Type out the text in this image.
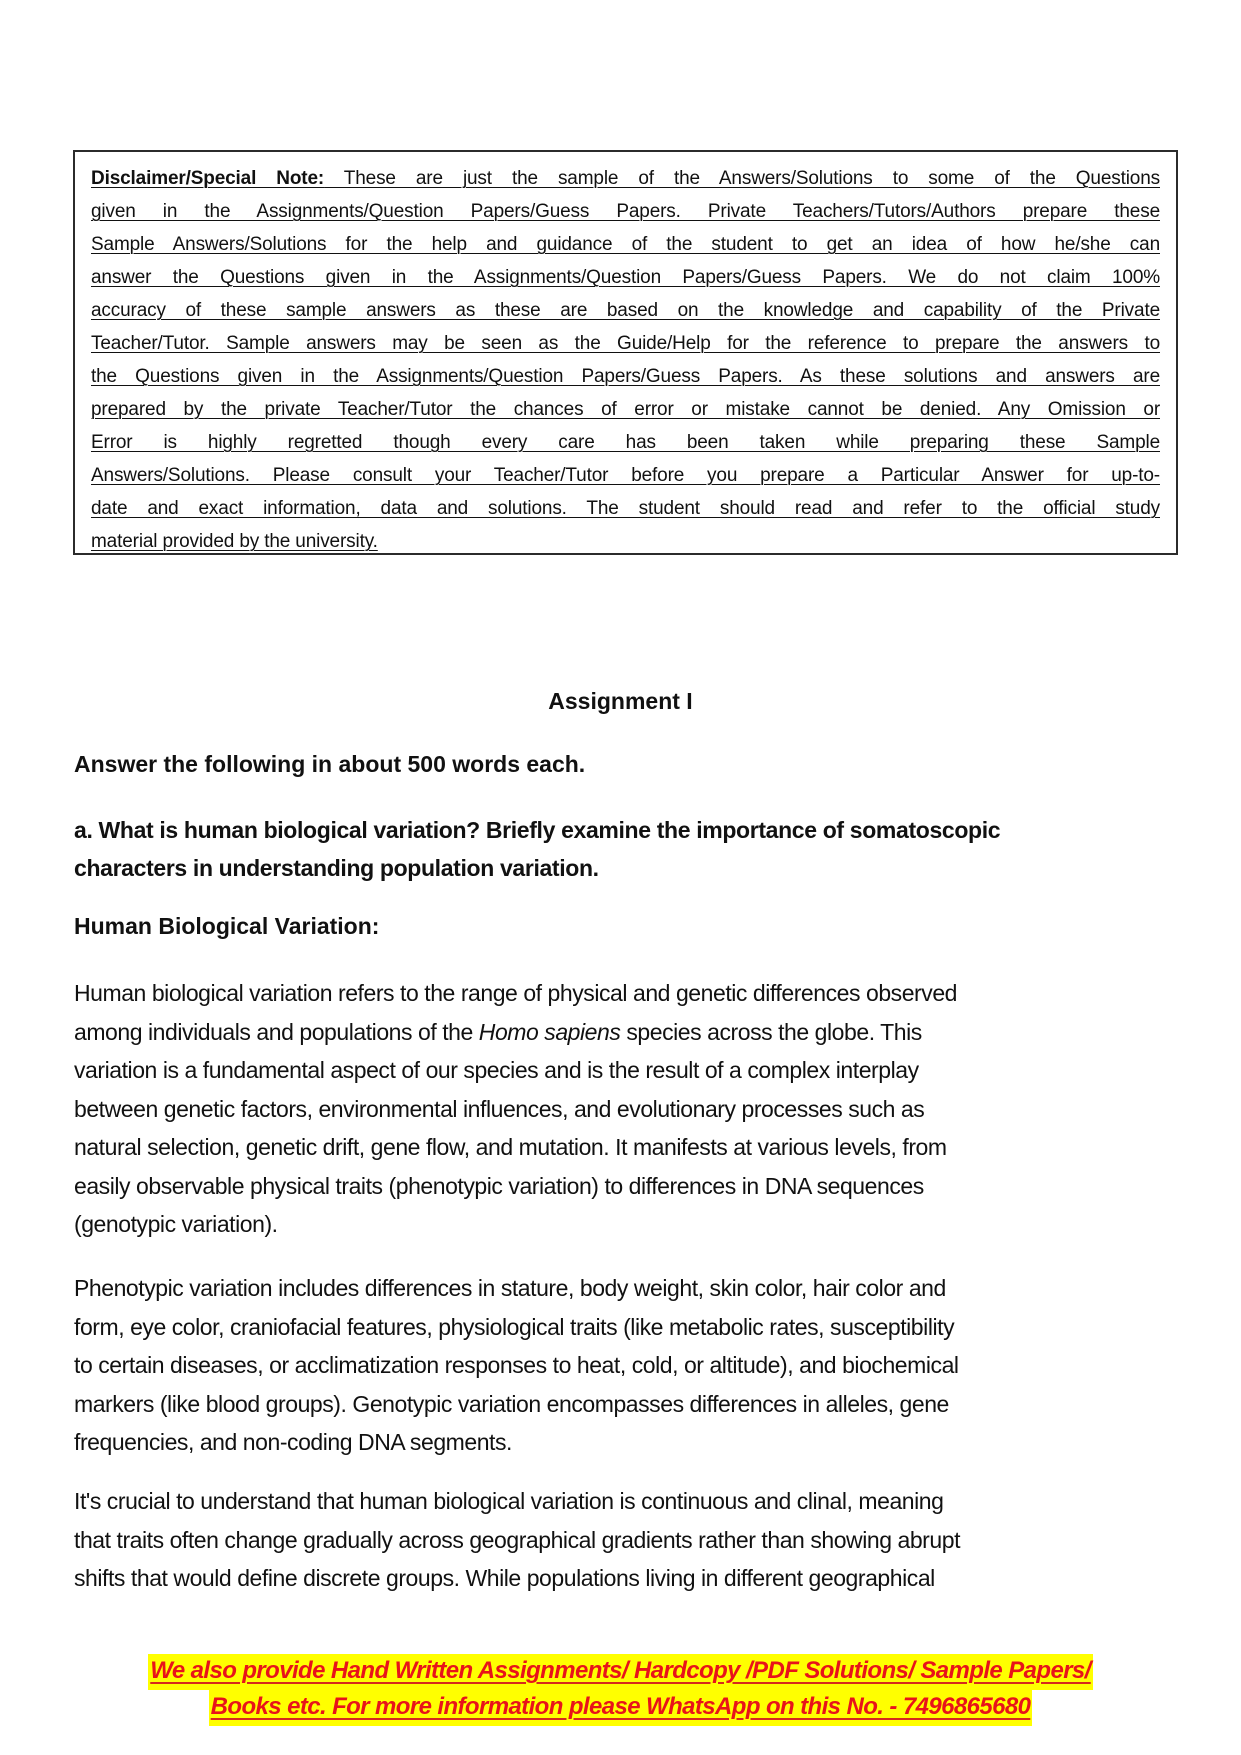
Disclaimer/Special Note: These are just the sample of the Answers/Solutions to some of the Questions
given in the Assignments/Question Papers/Guess Papers. Private Teachers/Tutors/Authors prepare these
Sample Answers/Solutions for the help and guidance of the student to get an idea of how he/she can
answer the Questions given in the Assignments/Question Papers/Guess Papers. We do not claim 100%
accuracy of these sample answers as these are based on the knowledge and capability of the Private
Teacher/Tutor. Sample answers may be seen as the Guide/Help for the reference to prepare the answers to
the Questions given in the Assignments/Question Papers/Guess Papers. As these solutions and answers are
prepared by the private Teacher/Tutor the chances of error or mistake cannot be denied. Any Omission or
Error is highly regretted though every care has been taken while preparing these Sample
Answers/Solutions. Please consult your Teacher/Tutor before you prepare a Particular Answer for up-to-
date and exact information, data and solutions. The student should read and refer to the official study
material provided by the university.
Assignment I
Answer the following in about 500 words each.
a. What is human biological variation? Briefly examine the importance of somatoscopic
characters in understanding population variation.
Human Biological Variation:
Human biological variation refers to the range of physical and genetic differences observed
among individuals and populations of the Homo sapiens species across the globe. This
variation is a fundamental aspect of our species and is the result of a complex interplay
between genetic factors, environmental influences, and evolutionary processes such as
natural selection, genetic drift, gene flow, and mutation. It manifests at various levels, from
easily observable physical traits (phenotypic variation) to differences in DNA sequences
(genotypic variation).
Phenotypic variation includes differences in stature, body weight, skin color, hair color and
form, eye color, craniofacial features, physiological traits (like metabolic rates, susceptibility
to certain diseases, or acclimatization responses to heat, cold, or altitude), and biochemical
markers (like blood groups). Genotypic variation encompasses differences in alleles, gene
frequencies, and non-coding DNA segments.
It's crucial to understand that human biological variation is continuous and clinal, meaning
that traits often change gradually across geographical gradients rather than showing abrupt
shifts that would define discrete groups. While populations living in different geographical
We also provide Hand Written Assignments/ Hardcopy /PDF Solutions/ Sample Papers/
Books etc. For more information please WhatsApp on this No. - 7496865680
